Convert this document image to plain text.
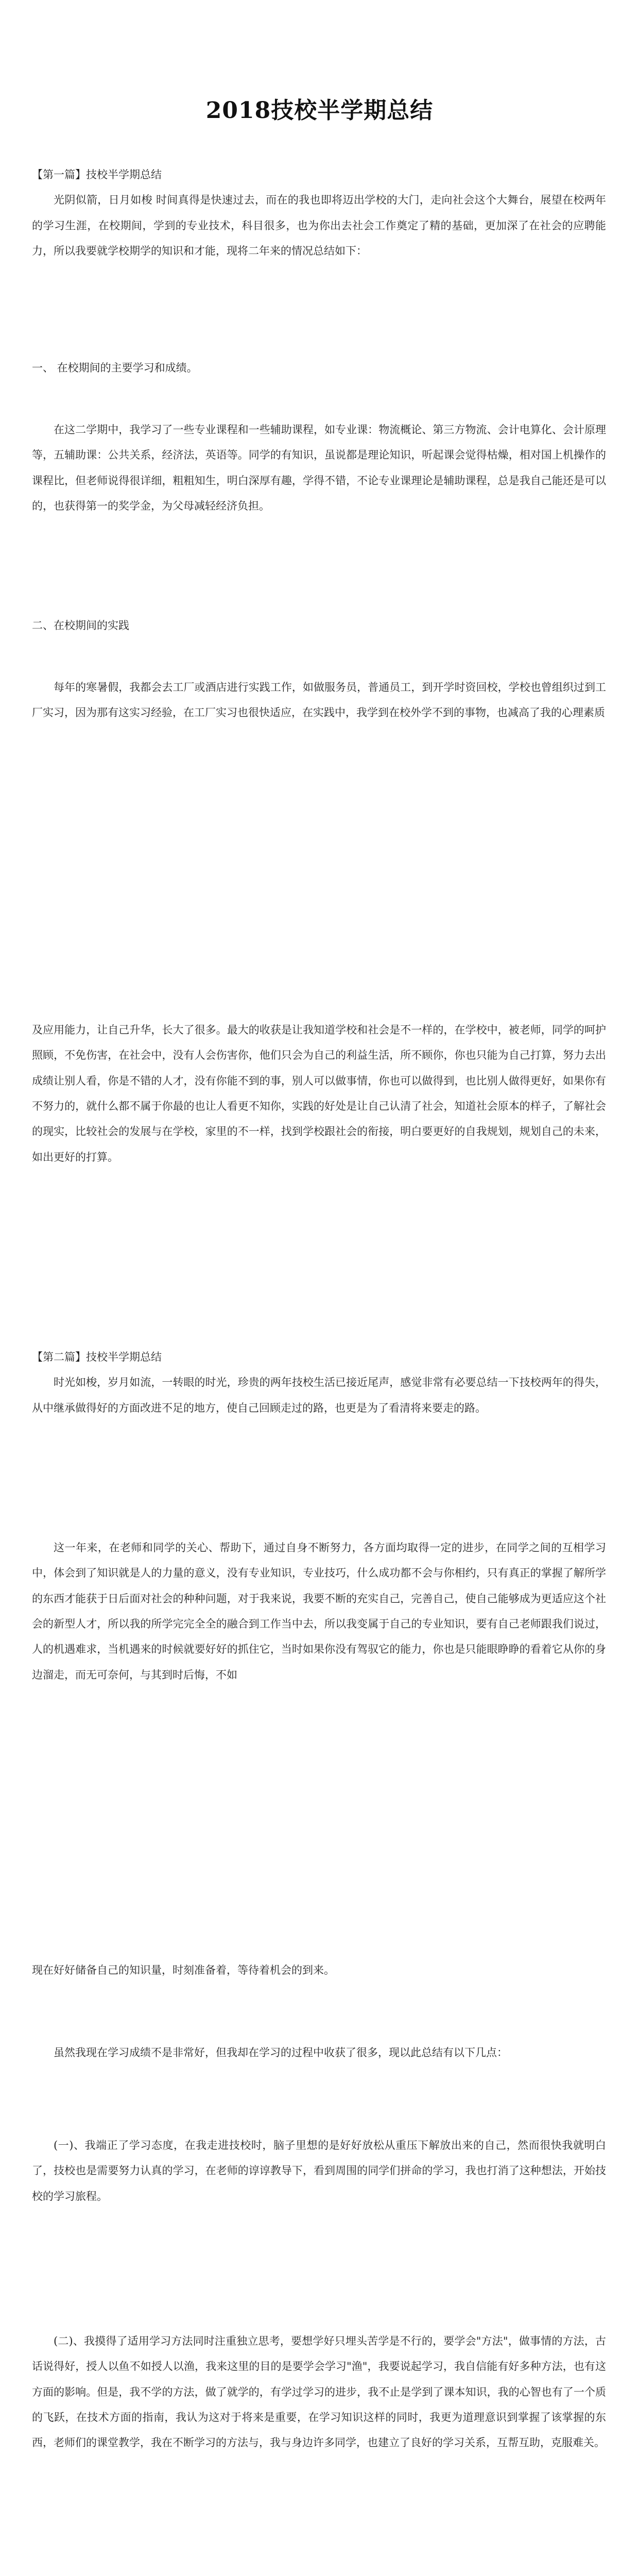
2018技校半学期总结

【第一篇】技校半学期总结

光阴似箭，日月如梭 时间真得是快速过去，而在的我也即将迈出学校的大门，走向社会这个大舞台，展望在校两年的学习生涯，在校期间，学到的专业技术，科目很多，也为你出去社会工作奠定了精的基础，更加深了在社会的应聘能力，所以我要就学校期学的知识和才能，现将二年来的情况总结如下：

一、 在校期间的主要学习和成绩。

在这二学期中，我学习了一些专业课程和一些辅助课程，如专业课：物流概论、第三方物流、会计电算化、会计原理等，五辅助课：公共关系，经济法，英语等。同学的有知识，虽说都是理论知识，听起课会觉得枯燥，相对国上机操作的课程比，但老师说得很详细，粗粗知生，明白深厚有趣，学得不错，不论专业课理论是辅助课程，总是我自己能还是可以的，也获得第一的奖学金，为父母减轻经济负担。

二、在校期间的实践

每年的寒暑假，我都会去工厂或酒店进行实践工作，如做服务员，普通员工，到开学时资回校，学校也曾组织过到工厂实习，因为那有这实习经验，在工厂实习也很快适应，在实践中，我学到在校外学不到的事物，也减高了我的心理素质

及应用能力，让自己升华，长大了很多。最大的收获是让我知道学校和社会是不一样的，在学校中，被老师，同学的呵护照顾，不免伤害，在社会中，没有人会伤害你，他们只会为自己的利益生活，所不顾你，你也只能为自己打算，努力去出成绩让别人看，你是不错的人才，没有你能不到的事，别人可以做事情，你也可以做得到，也比别人做得更好，如果你有不努力的，就什么都不属于你最的也让人看更不知你，实践的好处是让自己认清了社会，知道社会原本的样子，了解社会的现实，比较社会的发展与在学校，家里的不一样，找到学校跟社会的衔接，明白要更好的自我规划，规划自己的未来，如出更好的打算。

【第二篇】技校半学期总结

时光如梭，岁月如流，一转眼的时光，珍贵的两年技校生活已接近尾声，感觉非常有必要总结一下技校两年的得失，从中继承做得好的方面改进不足的地方，使自己回顾走过的路，也更是为了看清将来要走的路。

这一年来，在老师和同学的关心、帮助下，通过自身不断努力，各方面均取得一定的进步，在同学之间的互相学习中，体会到了知识就是人的力量的意义，没有专业知识，专业技巧，什么成功都不会与你相约，只有真正的掌握了解所学的东西才能获于日后面对社会的种种问题，对于我来说，我要不断的充实自己，完善自己，使自己能够成为更适应这个社会的新型人才，所以我的所学完完全全的融合到工作当中去，所以我变属于自己的专业知识，要有自己老师跟我们说过，人的机遇难求，当机遇来的时候就要好好的抓住它，当时如果你没有驾驭它的能力，你也是只能眼睁睁的看着它从你的身边溜走，而无可奈何，与其到时后悔，不如

现在好好储备自己的知识量，时刻准备着，等待着机会的到来。

虽然我现在学习成绩不是非常好，但我却在学习的过程中收获了很多，现以此总结有以下几点：

(一)、我端正了学习态度，在我走进技校时，脑子里想的是好好放松从重压下解放出来的自己，然而很快我就明白了，技校也是需要努力认真的学习，在老师的谆谆教导下，看到周围的同学们拼命的学习，我也打消了这种想法，开始技校的学习旅程。

(二)、我摸得了适用学习方法同时注重独立思考，要想学好只埋头苦学是不行的，要学会"方法"，做事情的方法，古话说得好，授人以鱼不如授人以渔，我来这里的目的是要学会学习"渔"，我要说起学习，我自信能有好多种方法，也有这方面的影响。但是，我不学的方法，做了就学的，有学过学习的进步，我不止是学到了课本知识，我的心智也有了一个质的飞跃，在技术方面的指南，我认为这对于将来是重要，在学习知识这样的同时，我更为道理意识到掌握了该掌握的东西，老师们的课堂教学，我在不断学习的方法与，我与身边许多同学，也建立了良好的学习关系，互帮互助，克服难关。
